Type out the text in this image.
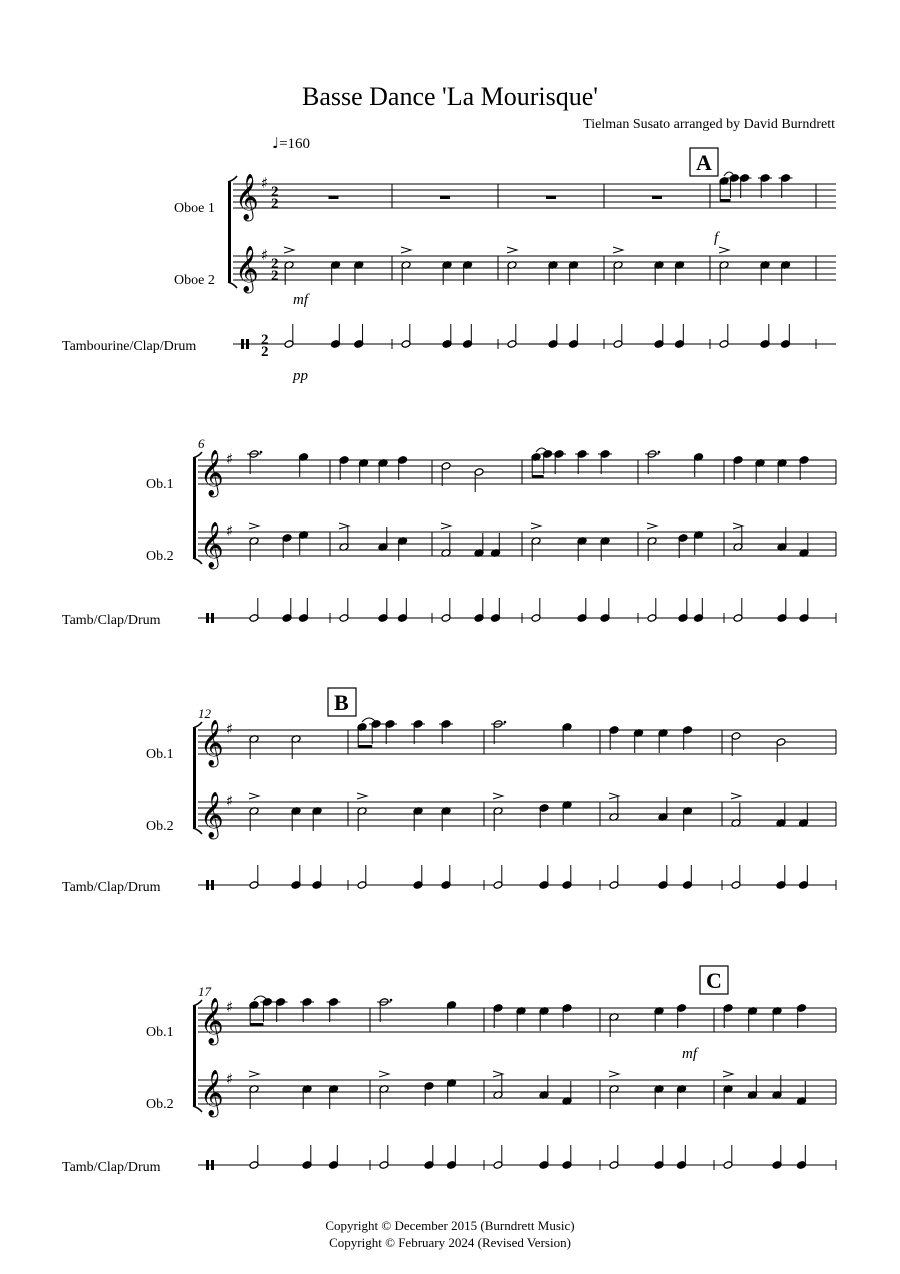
Basse Dance 'La Mourisque'
Tielman Susato arranged by David Burndrett
♩=160
𝄞
𝄞
♯
♯
2
2
2
2
2
2
Oboe 1
Oboe 2
Tambourine/Clap/Drum
𝄞
𝄞
♯
♯
Ob.1
Ob.2
Tamb/Clap/Drum
𝄞
𝄞
♯
♯
Ob.1
Ob.2
Tamb/Clap/Drum
𝄞
𝄞
♯
♯
Ob.1
Ob.2
Tamb/Clap/Drum
6
12
17
A
B
C
mf
pp
f
mf
Copyright © December 2015 (Burndrett Music)
Copyright © February 2024 (Revised Version)
